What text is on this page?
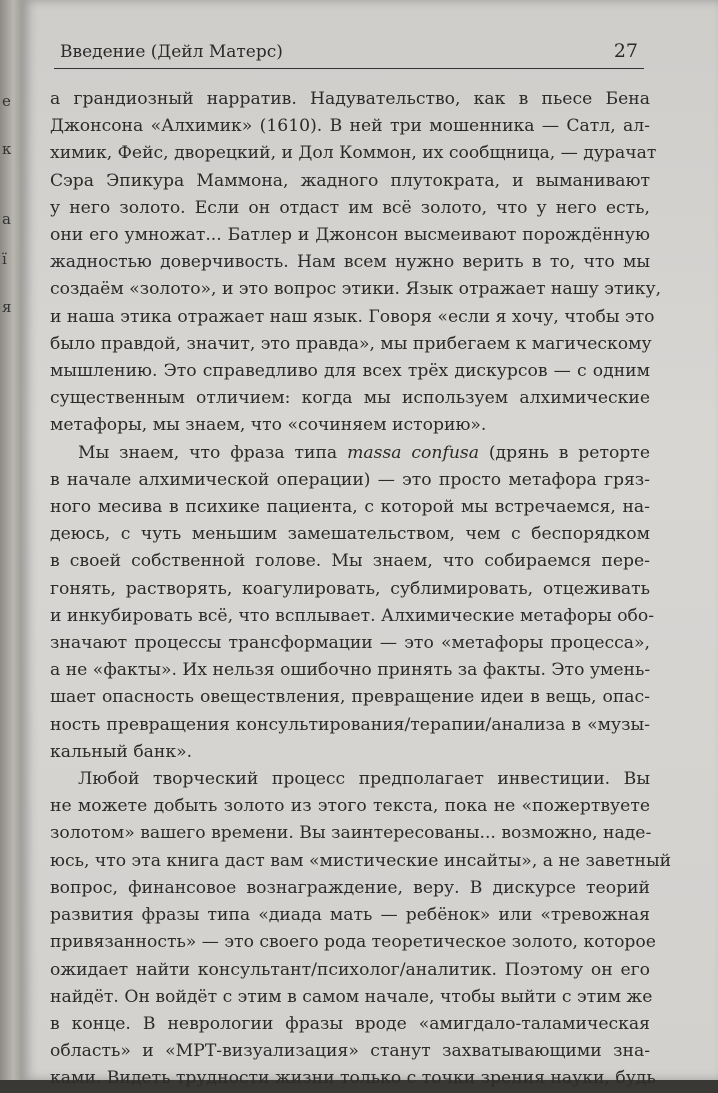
е
к
а
ї
я
Введение (Дейл Матерс)	27

а грандиозный нарратив. Надувательство, как в пьесе Бена
Джонсона «Алхимик» (1610). В ней три мошенника — Сатл, ал-
химик, Фейс, дворецкий, и Дол Коммон, их сообщница, — дурачат
Сэра Эпикура Маммона, жадного плутократа, и выманивают
у него золото. Если он отдаст им всё золото, что у него есть,
они его умножат... Батлер и Джонсон высмеивают порождённую
жадностью доверчивость. Нам всем нужно верить в то, что мы
создаём «золото», и это вопрос этики. Язык отражает нашу этику,
и наша этика отражает наш язык. Говоря «если я хочу, чтобы это
было правдой, значит, это правда», мы прибегаем к магическому
мышлению. Это справедливо для всех трёх дискурсов — с одним
существенным отличием: когда мы используем алхимические
метафоры, мы знаем, что «сочиняем историю».

Мы знаем, что фраза типа massa confusa (дрянь в реторте
в начале алхимической операции) — это просто метафора гряз-
ного месива в психике пациента, с которой мы встречаемся, на-
деюсь, с чуть меньшим замешательством, чем с беспорядком
в своей собственной голове. Мы знаем, что собираемся пере-
гонять, растворять, коагулировать, сублимировать, отцеживать
и инкубировать всё, что всплывает. Алхимические метафоры обо-
значают процессы трансформации — это «метафоры процесса»,
а не «факты». Их нельзя ошибочно принять за факты. Это умень-
шает опасность овеществления, превращение идеи в вещь, опас-
ность превращения консультирования/терапии/анализа в «музы-
кальный банк».

Любой творческий процесс предполагает инвестиции. Вы
не можете добыть золото из этого текста, пока не «пожертвуете
золотом» вашего времени. Вы заинтересованы... возможно, наде-
юсь, что эта книга даст вам «мистические инсайты», а не заветный
вопрос, финансовое вознаграждение, веру. В дискурсе теорий
развития фразы типа «диада мать — ребёнок» или «тревожная
привязанность» — это своего рода теоретическое золото, которое
ожидает найти консультант/психолог/аналитик. Поэтому он его
найдёт. Он войдёт с этим в самом начале, чтобы выйти с этим же
в конце. В неврологии фразы вроде «амигдало-таламическая
область» и «МРТ-визуализация» станут захватывающими зна-
ками. Видеть трудности жизни только с точки зрения науки, будь
